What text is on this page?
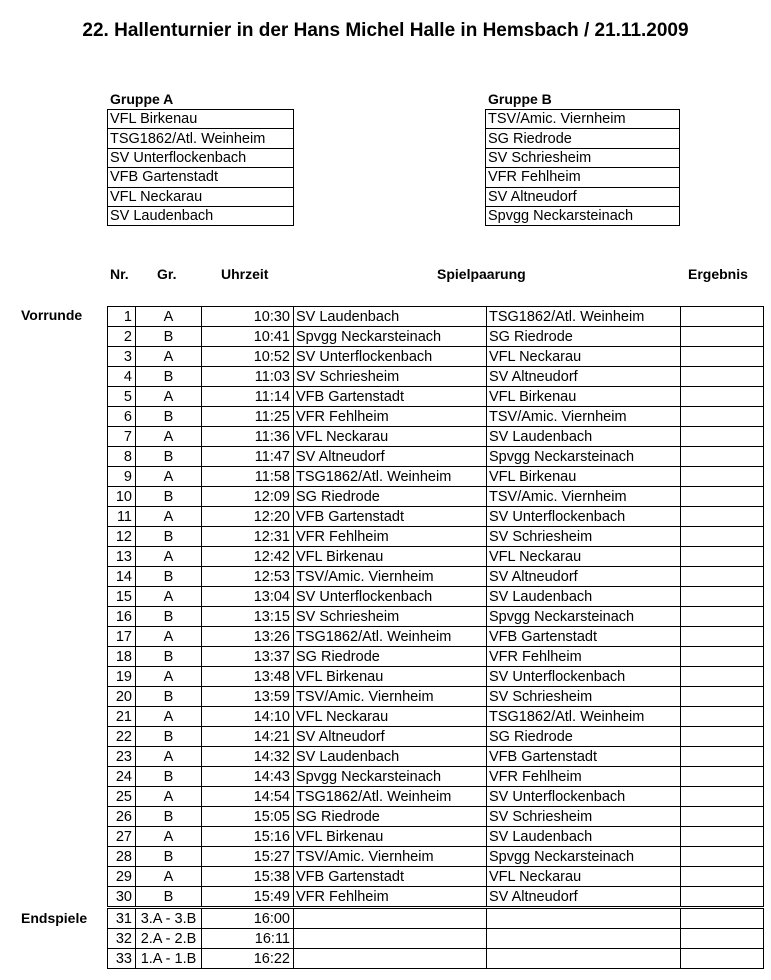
22. Hallenturnier in der Hans Michel Halle in Hemsbach / 21.11.2009
Gruppe A	Gruppe B
VFL Birkenau
TSG1862/Atl. Weinheim
SV Unterflockenbach
VFB Gartenstadt
VFL Neckarau
SV Laudenbach
TSV/Amic. Viernheim
SG Riedrode
SV Schriesheim
VFR Fehlheim
SV Altneudorf
Spvgg Neckarsteinach
Nr. Gr.	Uhrzeit	Spielpaarung	Ergebnis
Vorrunde
Endspiele
1	A	10:30	SV Laudenbach	TSG1862/Atl. Weinheim	
2	B	10:41	Spvgg Neckarsteinach	SG Riedrode	
3	A	10:52	SV Unterflockenbach	VFL Neckarau	
4	B	11:03	SV Schriesheim	SV Altneudorf	
5	A	11:14	VFB Gartenstadt	VFL Birkenau	
6	B	11:25	VFR Fehlheim	TSV/Amic. Viernheim	
7	A	11:36	VFL Neckarau	SV Laudenbach	
8	B	11:47	SV Altneudorf	Spvgg Neckarsteinach	
9	A	11:58	TSG1862/Atl. Weinheim	VFL Birkenau	
10	B	12:09	SG Riedrode	TSV/Amic. Viernheim	
11	A	12:20	VFB Gartenstadt	SV Unterflockenbach	
12	B	12:31	VFR Fehlheim	SV Schriesheim	
13	A	12:42	VFL Birkenau	VFL Neckarau	
14	B	12:53	TSV/Amic. Viernheim	SV Altneudorf	
15	A	13:04	SV Unterflockenbach	SV Laudenbach	
16	B	13:15	SV Schriesheim	Spvgg Neckarsteinach	
17	A	13:26	TSG1862/Atl. Weinheim	VFB Gartenstadt	
18	B	13:37	SG Riedrode	VFR Fehlheim	
19	A	13:48	VFL Birkenau	SV Unterflockenbach	
20	B	13:59	TSV/Amic. Viernheim	SV Schriesheim	
21	A	14:10	VFL Neckarau	TSG1862/Atl. Weinheim	
22	B	14:21	SV Altneudorf	SG Riedrode	
23	A	14:32	SV Laudenbach	VFB Gartenstadt	
24	B	14:43	Spvgg Neckarsteinach	VFR Fehlheim	
25	A	14:54	TSG1862/Atl. Weinheim	SV Unterflockenbach	
26	B	15:05	SG Riedrode	SV Schriesheim	
27	A	15:16	VFL Birkenau	SV Laudenbach	
28	B	15:27	TSV/Amic. Viernheim	Spvgg Neckarsteinach	
29	A	15:38	VFB Gartenstadt	VFL Neckarau	
30	B	15:49	VFR Fehlheim	SV Altneudorf	
31	3.A - 3.B	16:00			
32	2.A - 2.B	16:11			
33	1.A - 1.B	16:22			
